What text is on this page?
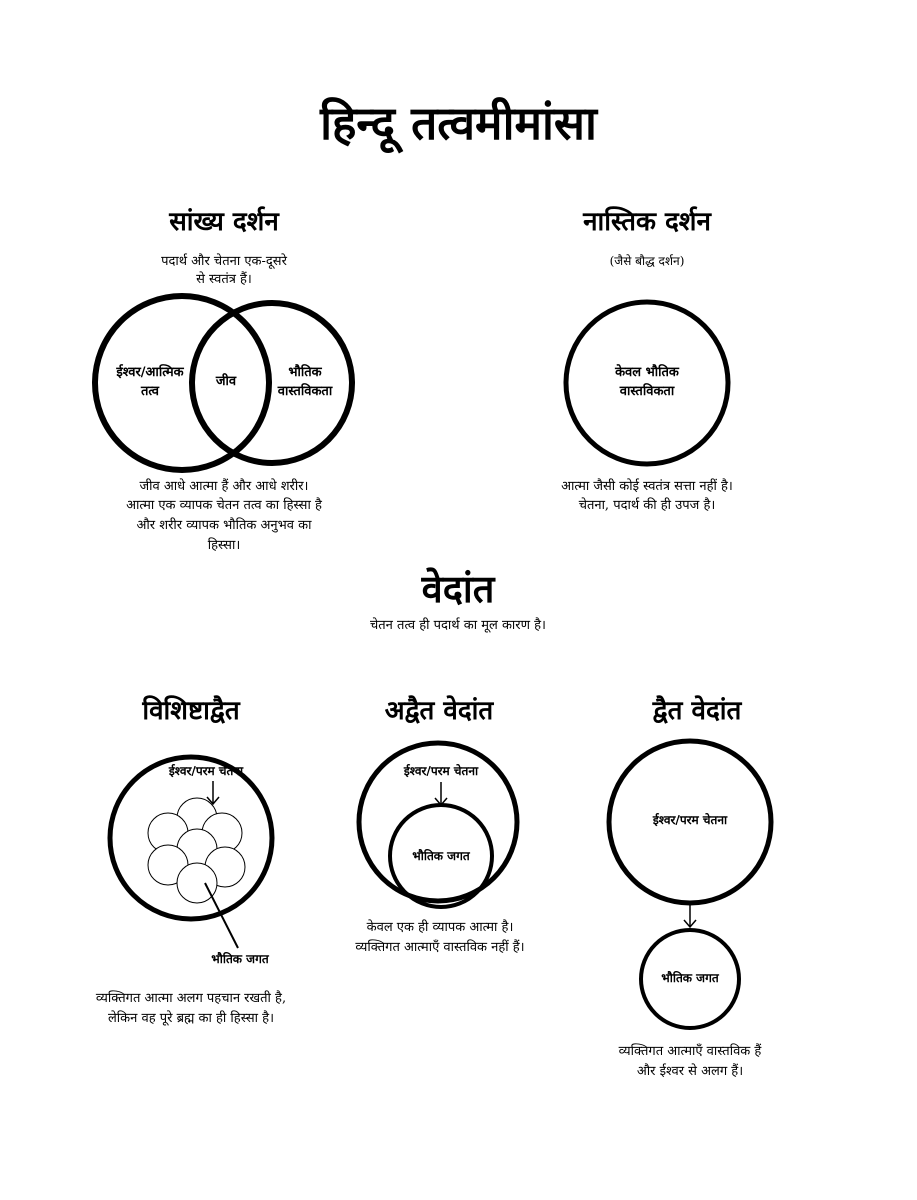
हिन्दू तत्वमीमांसा
सांख्य दर्शन
पदार्थ और चेतना एक-दूसरे
से स्वतंत्र हैं।
ईश्वर/आत्मिक
तत्व
जीव
भौतिक
वास्तविकता
जीव आधे आत्मा हैं और आधे शरीर।
आत्मा एक व्यापक चेतन तत्व का हिस्सा है
और शरीर व्यापक भौतिक अनुभव का
हिस्सा।
नास्तिक दर्शन
(जैसे बौद्ध दर्शन)
केवल भौतिक
वास्तविकता
आत्मा जैसी कोई स्वतंत्र सत्ता नहीं है।
चेतना, पदार्थ की ही उपज है।
वेदांत
चेतन तत्व ही पदार्थ का मूल कारण है।
विशिष्टाद्वैत
ईश्वर/परम चेतना
भौतिक जगत
व्यक्तिगत आत्मा अलग पहचान रखती है,
लेकिन वह पूरे ब्रह्म का ही हिस्सा है।
अद्वैत वेदांत
ईश्वर/परम चेतना
भौतिक जगत
केवल एक ही व्यापक आत्मा है।
व्यक्तिगत आत्माएँ वास्तविक नहीं हैं।
द्वैत वेदांत
ईश्वर/परम चेतना
भौतिक जगत
व्यक्तिगत आत्माएँ वास्तविक हैं
और ईश्वर से अलग हैं।
